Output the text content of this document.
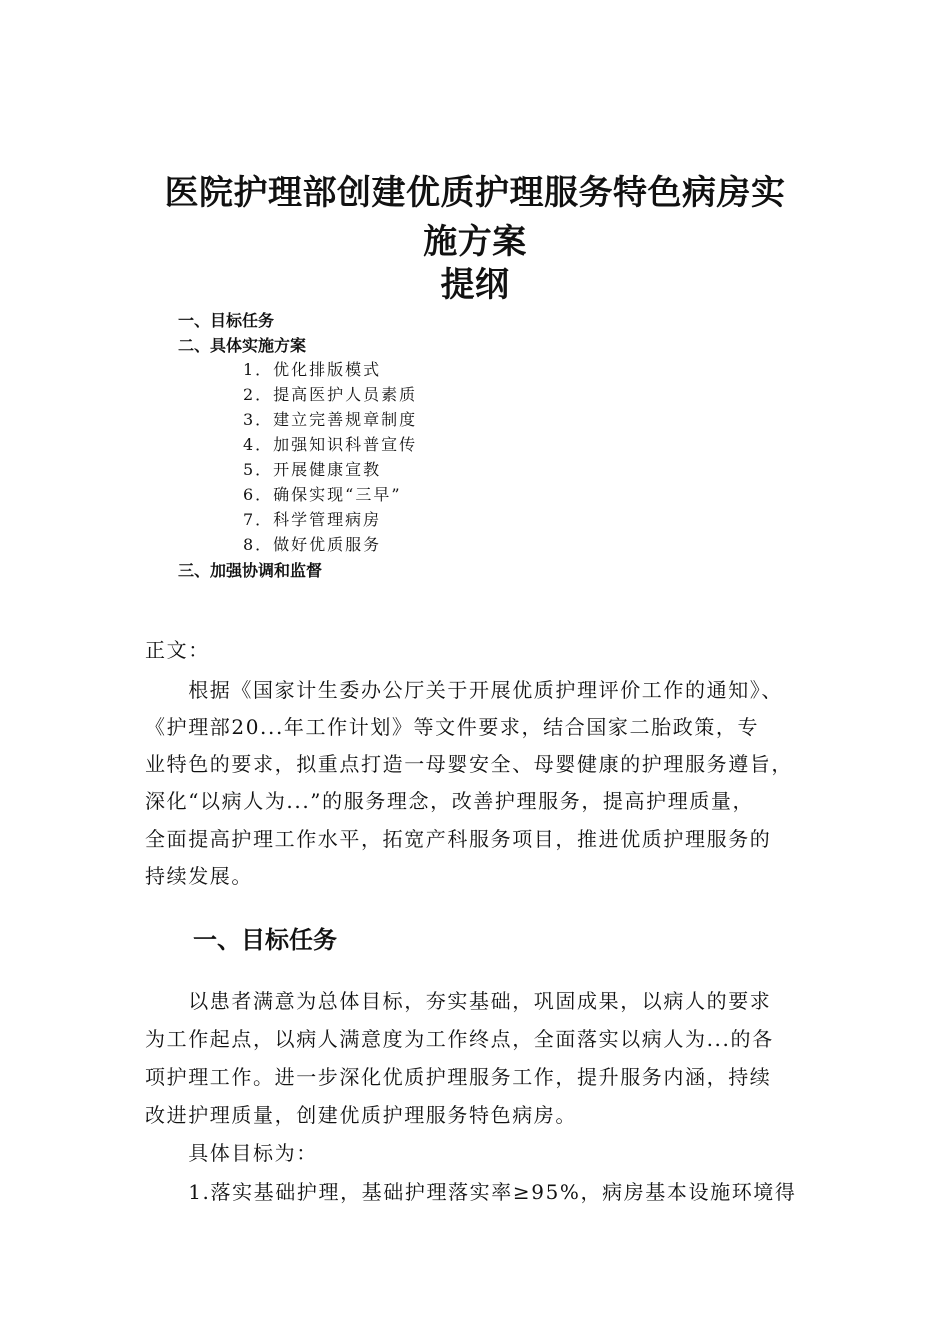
医院护理部创建优质护理服务特色病房实
施方案
提纲
一、目标任务
二、具体实施方案
1．优化排版模式
2．提高医护人员素质
3．建立完善规章制度
4．加强知识科普宣传
5．开展健康宣教
6．确保实现“三早”
7．科学管理病房
8．做好优质服务
三、加强协调和监督
正文：
　　根据《国家计生委办公厅关于开展优质护理评价工作的通知》、
《护理部20...年工作计划》等文件要求，结合国家二胎政策，专
业特色的要求，拟重点打造一母婴安全、母婴健康的护理服务遵旨，
深化“以病人为...”的服务理念，改善护理服务，提高护理质量，
全面提高护理工作水平，拓宽产科服务项目，推进优质护理服务的
持续发展。
一、目标任务
　　以患者满意为总体目标，夯实基础，巩固成果，以病人的要求
为工作起点，以病人满意度为工作终点，全面落实以病人为...的各
项护理工作。进一步深化优质护理服务工作，提升服务内涵，持续
改进护理质量，创建优质护理服务特色病房。
　　具体目标为：
　　1.落实基础护理，基础护理落实率≥95%，病房基本设施环境得
